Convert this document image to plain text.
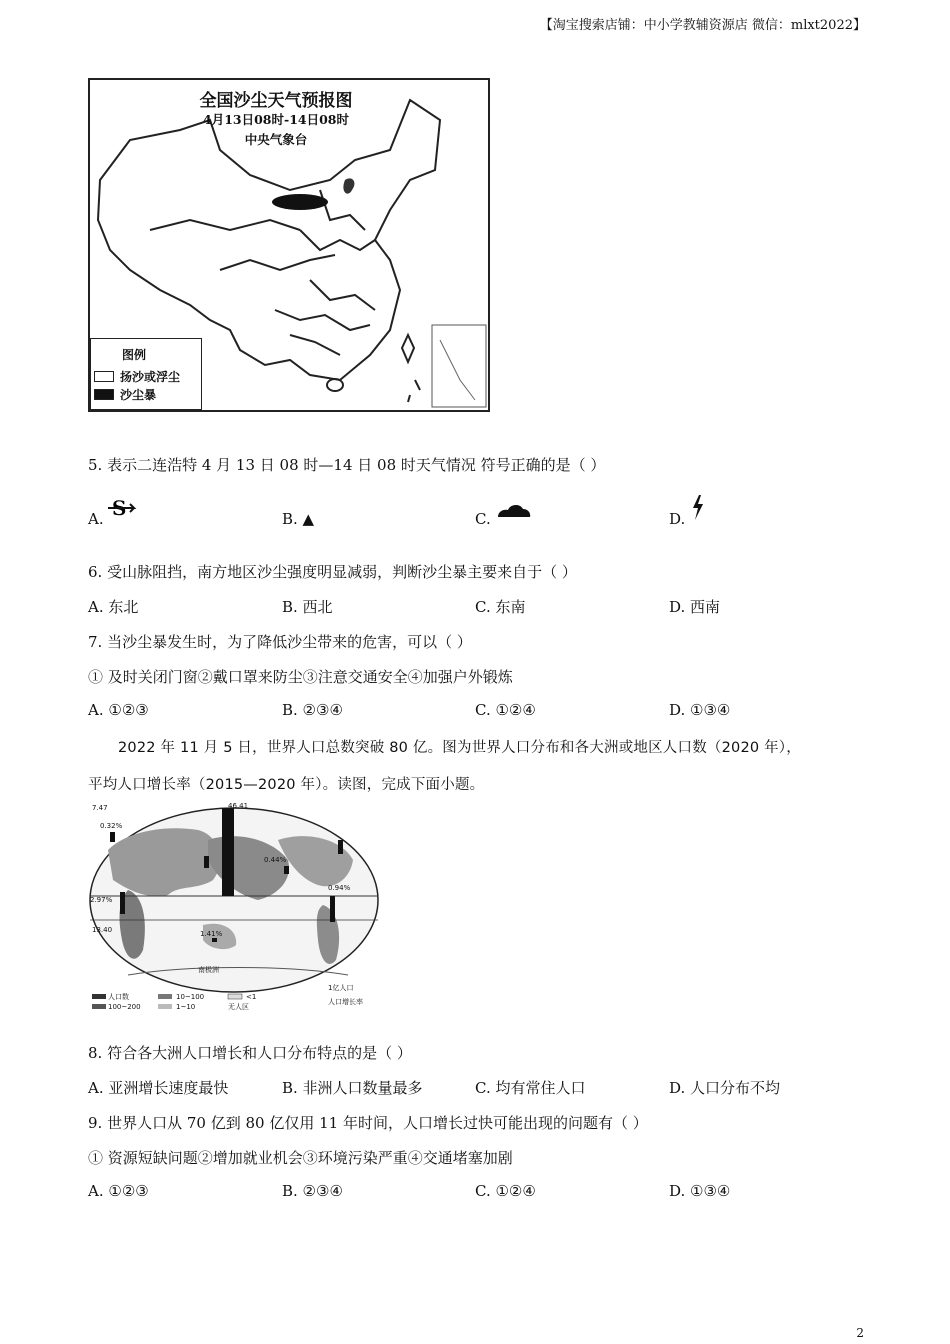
【淘宝搜索店铺：中小学教辅资源店 微信：mlxt2022】
全国沙尘天气预报图
4月13日08时-14日08时
中央气象台
图例
扬沙或浮尘
沙尘暴
5. 表示二连浩特 4 月 13 日 08 时—14 日 08 时天气情况 符号正确的是（ ）
A. S	B. ▲	C.	D.
6. 受山脉阻挡，南方地区沙尘强度明显减弱，判断沙尘暴主要来自于（ ）
A. 东北	B. 西北	C. 东南	D. 西南
7. 当沙尘暴发生时，为了降低沙尘带来的危害，可以（ ）
① 及时关闭门窗②戴口罩来防尘③注意交通安全④加强户外锻炼
A. ①②③	B. ②③④	C. ①②④	D. ①③④
2022 年 11 月 5 日，世界人口总数突破 80 亿。图为世界人口分布和各大洲或地区人口数（2020 年），
平均人口增长率（2015—2020 年）。读图，完成下面小题。
7.47
0.32%
46.41
2.97%
13.40
0.44%
0.94%
1.41%
南极洲
人口数	10~100	<1
1亿人口
人口增长率
100~200	1~10	无人区
8. 符合各大洲人口增长和人口分布特点的是（ ）
A. 亚洲增长速度最快	B. 非洲人口数量最多	C. 均有常住人口	D. 人口分布不均
9. 世界人口从 70 亿到 80 亿仅用 11 年时间，人口增长过快可能出现的问题有（ ）
① 资源短缺问题②增加就业机会③环境污染严重④交通堵塞加剧
A. ①②③	B. ②③④	C. ①②④	D. ①③④
2
